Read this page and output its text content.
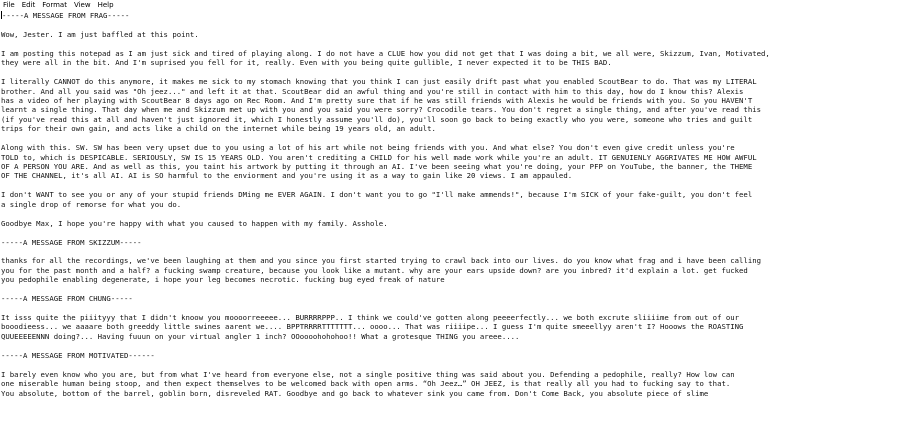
File	Edit	Format	View	Help
-----A MESSAGE FROM FRAG-----
Wow, Jester. I am just baffled at this point.
I am posting this notepad as I am just sick and tired of playing along. I do not have a CLUE how you did not get that I was doing a bit, we all were, Skizzum, Ivan, Motivated,
they were all in the bit. And I'm suprised you fell for it, really. Even with you being quite gullible, I never expected it to be THIS BAD.
I literally CANNOT do this anymore, it makes me sick to my stomach knowing that you think I can just easily drift past what you enabled ScoutBear to do. That was my LITERAL
brother. And all you said was "Oh jeez..." and left it at that. ScoutBear did an awful thing and you're still in contact with him to this day, how do I know this? Alexis
has a video of her playing with ScoutBear 8 days ago on Rec Room. And I'm pretty sure that if he was still friends with Alexis he would be friends with you. So you HAVEN'T
learnt a single thing. That day when me and Skizzum met up with you and you said you were sorry? Crocodile tears. You don't regret a single thing, and after you've read this
(if you've read this at all and haven't just ignored it, which I honestly assume you'll do), you'll soon go back to being exactly who you were, someone who tries and guilt
trips for their own gain, and acts like a child on the internet while being 19 years old, an adult.
Along with this. SW. SW has been very upset due to you using a lot of his art while not being friends with you. And what else? You don't even give credit unless you're
TOLD to, which is DESPICABLE. SERIOUSLY, SW IS 15 YEARS OLD. You aren't crediting a CHILD for his well made work while you're an adult. IT GENUIENLY AGGRIVATES ME HOW AWFUL
OF A PERSON YOU ARE. And as well as this, you taint his artwork by putting it through an AI. I've been seeing what you're doing, your PFP on YouTube, the banner, the THEME
OF THE CHANNEL, it's all AI. AI is SO harmful to the enviorment and you're using it as a way to gain like 20 views. I am appauled.
I don't WANT to see you or any of your stupid friends DMing me EVER AGAIN. I don't want you to go "I'll make ammends!", because I'm SICK of your fake-guilt, you don't feel
a single drop of remorse for what you do.
Goodbye Max, I hope you're happy with what you caused to happen with my family. Asshole.
-----A MESSAGE FROM SKIZZUM-----
thanks for all the recordings, we've been laughing at them and you since you first started trying to crawl back into our lives. do you know what frag and i have been calling
you for the past month and a half? a fucking swamp creature, because you look like a mutant. why are your ears upside down? are you inbred? it'd explain a lot. get fucked
you pedophile enabling degenerate, i hope your leg becomes necrotic. fucking bug eyed freak of nature
-----A MESSAGE FROM CHUNG-----
It isss quite the piiityyy that I didn't knoow you moooorreeeee... BURRRRPPP.. I think we could've gotten along peeeerfectly... we both excrute sliiiime from out of our
booodieess... we aaaare both greeddy little swines aarent we.... BPPTRRRRTTTTTTT... oooo... That was riiiipe... I guess I'm quite smeeellyy aren't I? Hooows the ROASTING
QUUEEEEENNN doing?... Having fuuun on your virtual angler 1 inch? OOoooohohohoo!! What a grotesque THING you areee....
-----A MESSAGE FROM MOTIVATED------
I barely even know who you are, but from what I've heard from everyone else, not a single positive thing was said about you. Defending a pedophile, really? How low can
one miserable human being stoop, and then expect themselves to be welcomed back with open arms. “Oh Jeez…” OH JEEZ, is that really all you had to fucking say to that.
You absolute, bottom of the barrel, goblin born, disreveled RAT. Goodbye and go back to whatever sink you came from. Don't Come Back, you absolute piece of slime
